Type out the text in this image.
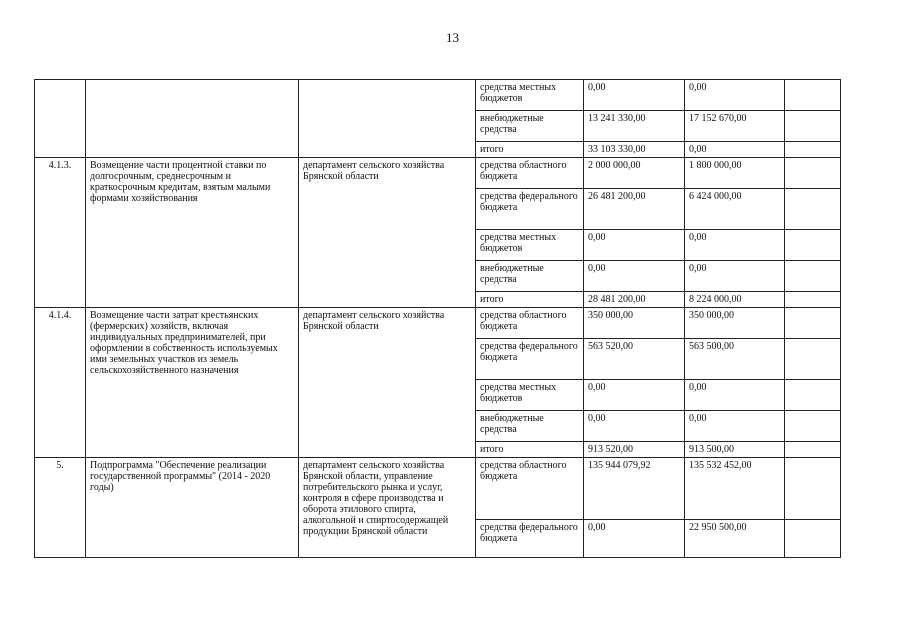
13
			средства местных бюджетов	0,00	0,00	
			внебюджетные средства	13 241 330,00	17 152 670,00	
			итого	33 103 330,00	0,00	
4.1.3.	Возмещение части процентной ставки по долгосрочным, среднесрочным и краткосрочным кредитам, взятым малыми формами хозяйствования	департамент сельского хозяйства Брянской области	средства областного бюджета	2 000 000,00	1 800 000,00	
			средства федерального бюджета	26 481 200,00	6 424 000,00	
			средства местных бюджетов	0,00	0,00	
			внебюджетные средства	0,00	0,00	
			итого	28 481 200,00	8 224 000,00	
4.1.4.	Возмещение части затрат крестьянских (фермерских) хозяйств, включая индивидуальных предпринимателей, при оформлении в собственность используемых ими земельных участков из земель сельскохозяйственного назначения	департамент сельского хозяйства Брянской области	средства областного бюджета	350 000,00	350 000,00	
			средства федерального бюджета	563 520,00	563 500,00	
			средства местных бюджетов	0,00	0,00	
			внебюджетные средства	0,00	0,00	
			итого	913 520,00	913 500,00	
5.	Подпрограмма "Обеспечение реализации государственной программы" (2014 - 2020 годы)	департамент сельского хозяйства Брянской области, управление потребительского рынка и услуг, контроля в сфере производства и оборота этилового спирта, алкогольной и спиртосодержащей продукции Брянской области	средства областного бюджета	135 944 079,92	135 532 452,00	
			средства федерального бюджета	0,00	22 950 500,00	
